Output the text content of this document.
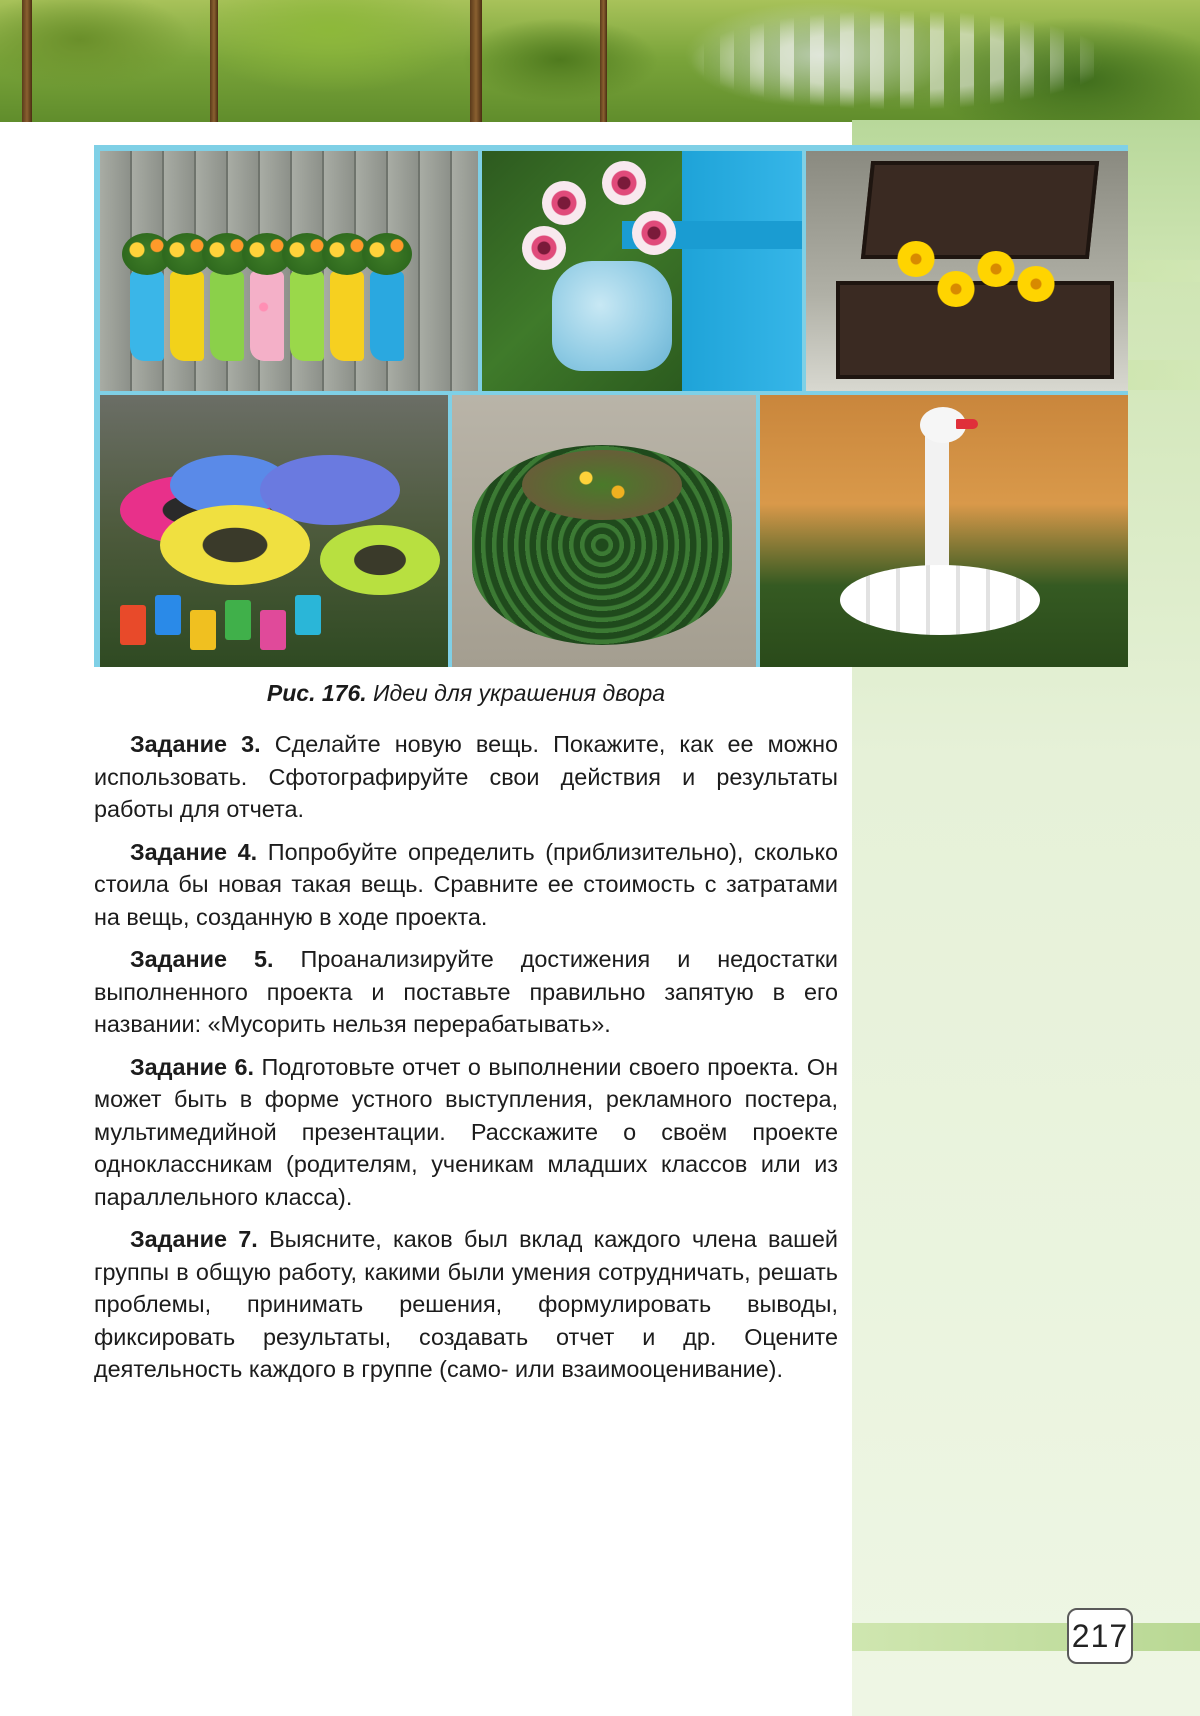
Рис. 176. Идеи для украшения двора

Задание 3. Сделайте новую вещь. Покажите, как ее можно использовать. Сфотографируйте свои действия и результаты работы для отчета.

Задание 4. Попробуйте определить (приблизительно), сколько стоила бы новая такая вещь. Сравните ее стоимость с затратами на вещь, созданную в ходе проекта.

Задание 5. Проанализируйте достижения и недостатки выполненного проекта и поставьте правильно запятую в его названии: «Мусорить нельзя перерабатывать».

Задание 6. Подготовьте отчет о выполнении своего проекта. Он может быть в форме устного выступления, рекламного постера, мультимедийной презентации. Расскажите о своём проекте одноклассникам (родителям, ученикам младших классов или из параллельного класса).

Задание 7. Выясните, каков был вклад каждого члена вашей группы в общую работу, какими были умения сотрудничать, решать проблемы, принимать решения, формулировать выводы, фиксировать результаты, создавать отчет и др. Оцените деятельность каждого в группе (само- или взаимооценивание).

217
